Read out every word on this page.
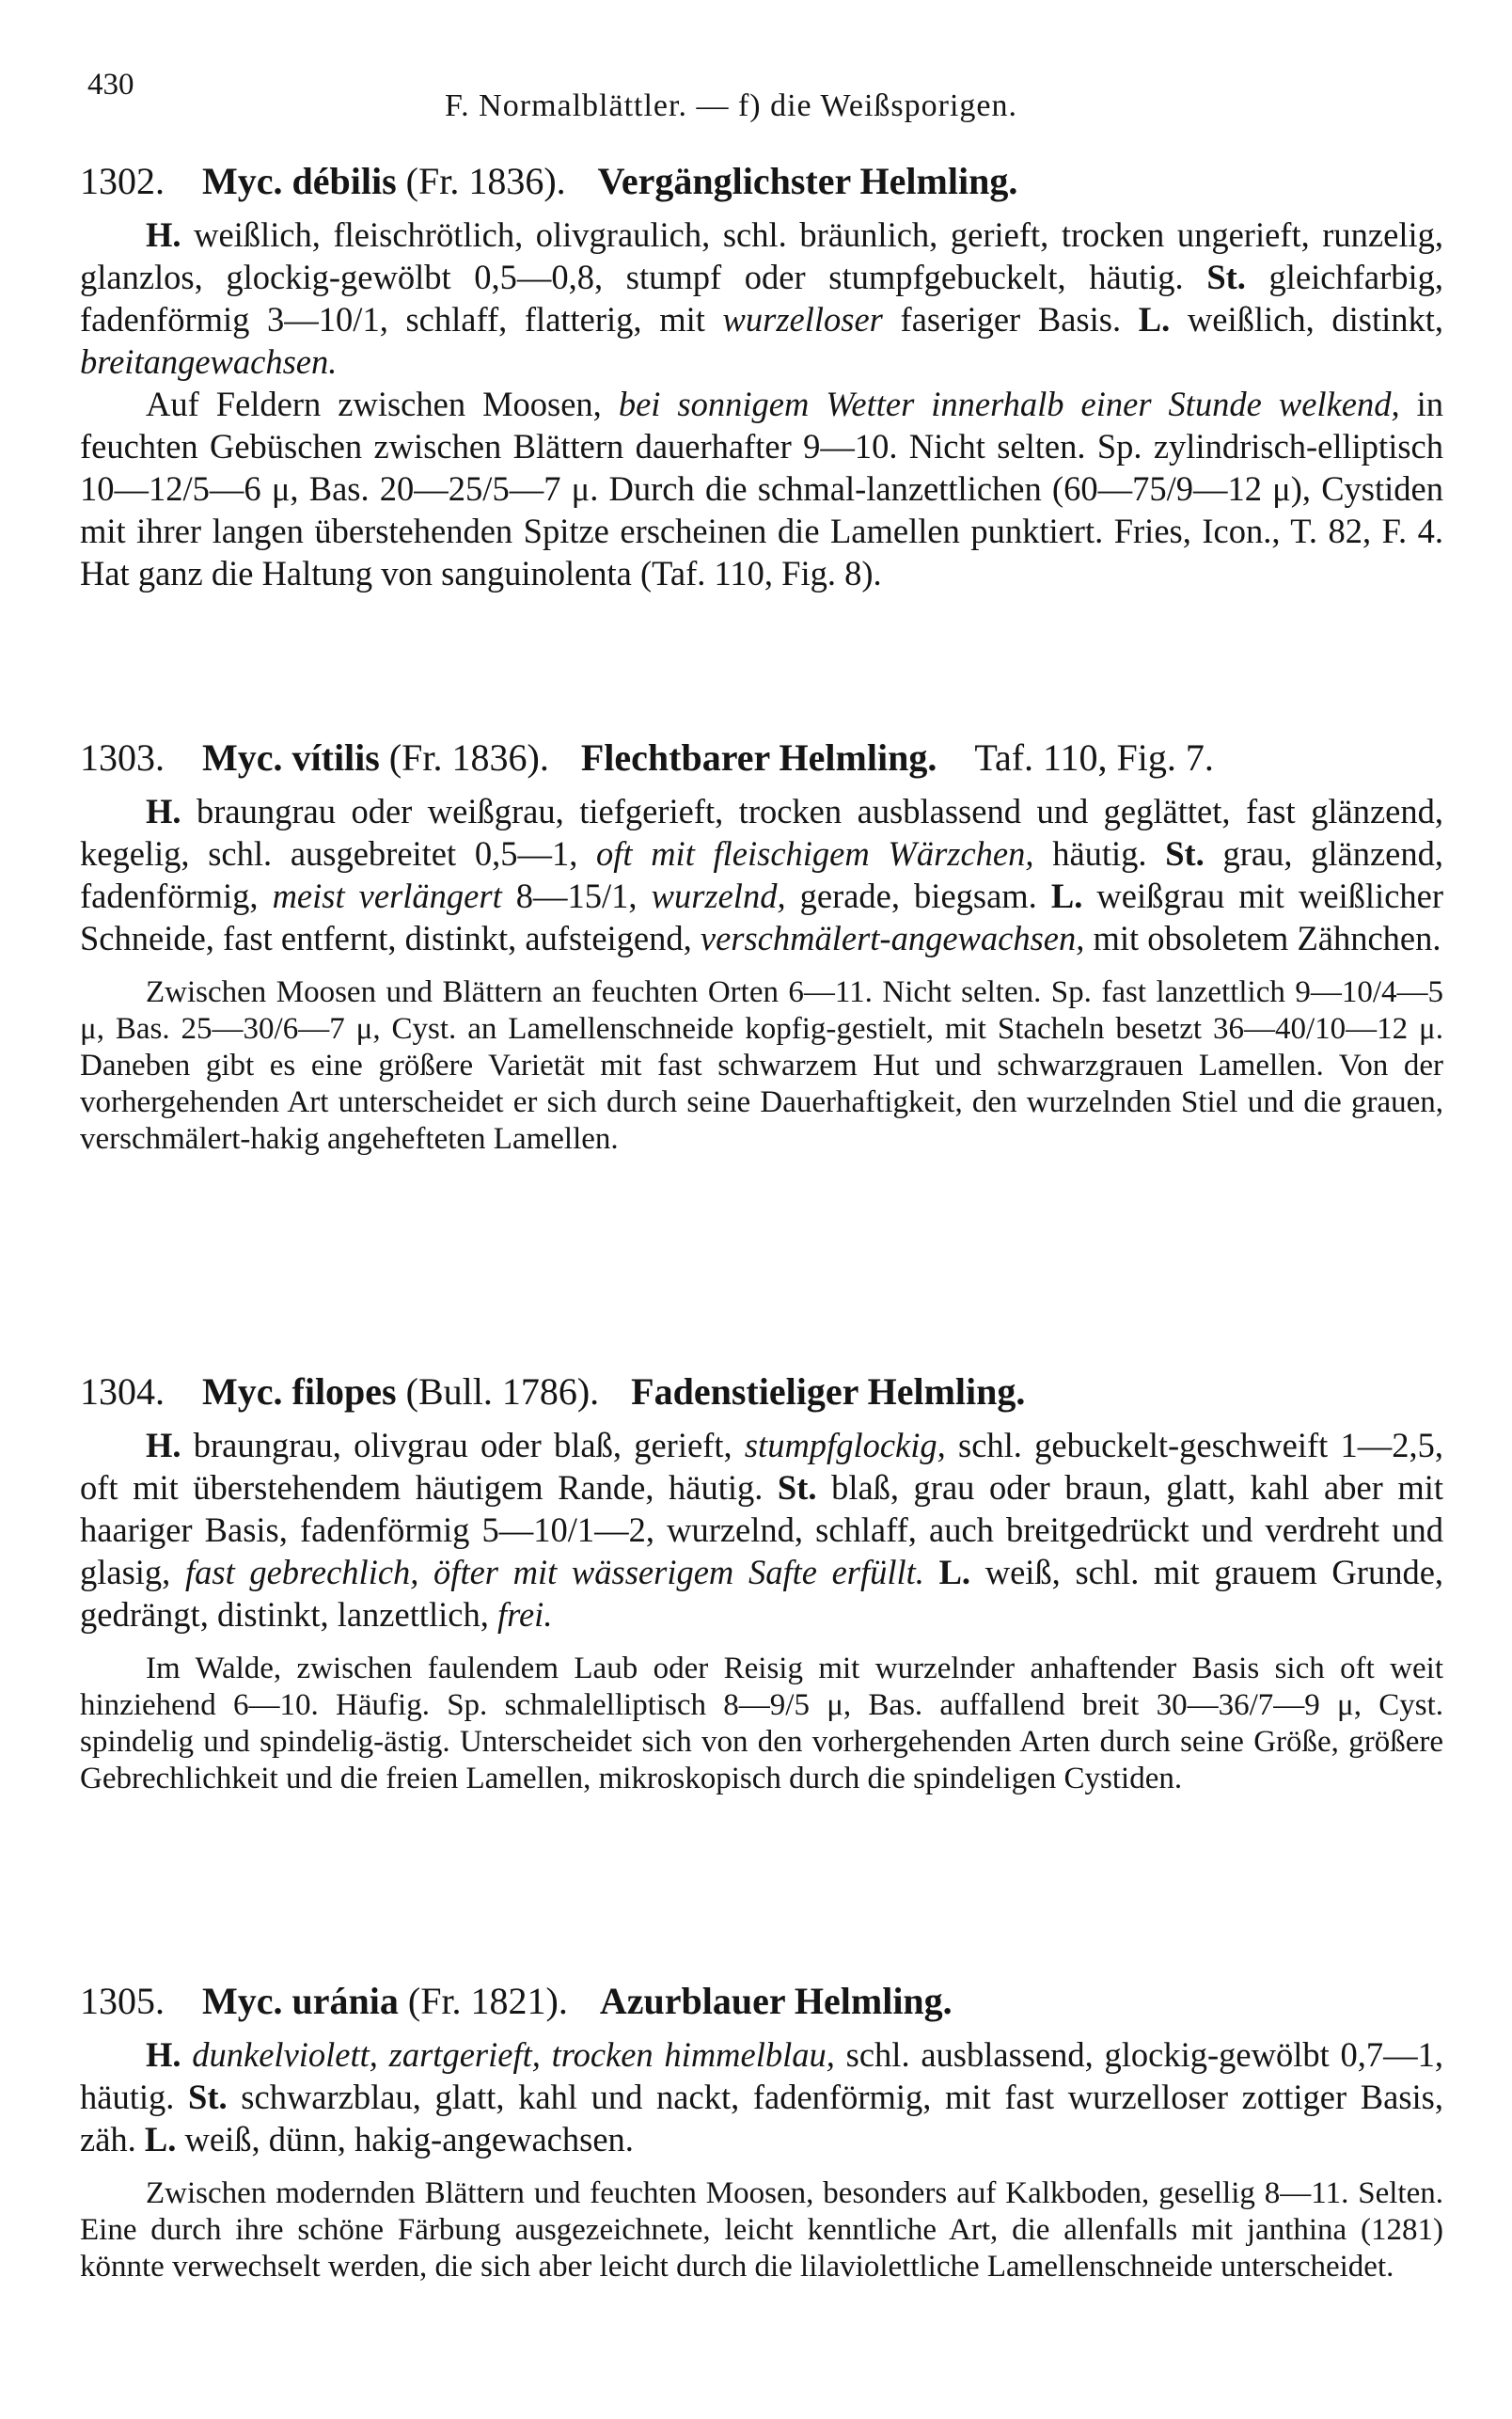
430
F. Normalblättler. — f) die Weißsporigen.
1302. Myc. débilis (Fr. 1836). Vergänglichster Helmling.

H. weißlich, fleischrötlich, olivgraulich, schl. bräunlich, gerieft, trocken ungerieft, runzelig, glanzlos, glockig-gewölbt 0,5—0,8, stumpf oder stumpfgebuckelt, häutig. St. gleichfarbig, fadenförmig 3—10/1, schlaff, flatterig, mit wurzelloser faseriger Basis. L. weißlich, distinkt, breitangewachsen.

Auf Feldern zwischen Moosen, bei sonnigem Wetter innerhalb einer Stunde welkend, in feuchten Gebüschen zwischen Blättern dauerhafter 9—10. Nicht selten. Sp. zylindrisch-elliptisch 10—12/5—6 μ, Bas. 20—25/5—7 μ. Durch die schmal-lanzettlichen (60—75/9—12 μ), Cystiden mit ihrer langen überstehenden Spitze erscheinen die Lamellen punktiert. Fries, Icon., T. 82, F. 4. Hat ganz die Haltung von sanguinolenta (Taf. 110, Fig. 8).

1303. Myc. vítilis (Fr. 1836). Flechtbarer Helmling. Taf. 110, Fig. 7.

H. braungrau oder weißgrau, tiefgerieft, trocken ausblassend und geglättet, fast glänzend, kegelig, schl. ausgebreitet 0,5—1, oft mit fleischigem Wärzchen, häutig. St. grau, glänzend, fadenförmig, meist verlängert 8—15/1, wurzelnd, gerade, biegsam. L. weißgrau mit weißlicher Schneide, fast entfernt, distinkt, aufsteigend, verschmälert-angewachsen, mit obsoletem Zähnchen.

Zwischen Moosen und Blättern an feuchten Orten 6—11. Nicht selten. Sp. fast lanzettlich 9—10/4—5 μ, Bas. 25—30/6—7 μ, Cyst. an Lamellenschneide kopfig-gestielt, mit Stacheln besetzt 36—40/10—12 μ. Daneben gibt es eine größere Varietät mit fast schwarzem Hut und schwarzgrauen Lamellen. Von der vorhergehenden Art unterscheidet er sich durch seine Dauerhaftigkeit, den wurzelnden Stiel und die grauen, verschmälert-hakig angehefteten Lamellen.

1304. Myc. filopes (Bull. 1786). Fadenstieliger Helmling.

H. braungrau, olivgrau oder blaß, gerieft, stumpfglockig, schl. gebuckelt-geschweift 1—2,5, oft mit überstehendem häutigem Rande, häutig. St. blaß, grau oder braun, glatt, kahl aber mit haariger Basis, fadenförmig 5—10/1—2, wurzelnd, schlaff, auch breitgedrückt und verdreht und glasig, fast gebrechlich, öfter mit wässerigem Safte erfüllt. L. weiß, schl. mit grauem Grunde, gedrängt, distinkt, lanzettlich, frei.

Im Walde, zwischen faulendem Laub oder Reisig mit wurzelnder anhaftender Basis sich oft weit hinziehend 6—10. Häufig. Sp. schmalelliptisch 8—9/5 μ, Bas. auffallend breit 30—36/7—9 μ, Cyst. spindelig und spindelig-ästig. Unterscheidet sich von den vorhergehenden Arten durch seine Größe, größere Gebrechlichkeit und die freien Lamellen, mikroskopisch durch die spindeligen Cystiden.

1305. Myc. uránia (Fr. 1821). Azurblauer Helmling.

H. dunkelviolett, zartgerieft, trocken himmelblau, schl. ausblassend, glockig-gewölbt 0,7—1, häutig. St. schwarzblau, glatt, kahl und nackt, fadenförmig, mit fast wurzelloser zottiger Basis, zäh. L. weiß, dünn, hakig-angewachsen.

Zwischen modernden Blättern und feuchten Moosen, besonders auf Kalkboden, gesellig 8—11. Selten. Eine durch ihre schöne Färbung ausgezeichnete, leicht kenntliche Art, die allenfalls mit janthina (1281) könnte verwechselt werden, die sich aber leicht durch die lilaviolettliche Lamellenschneide unterscheidet.
